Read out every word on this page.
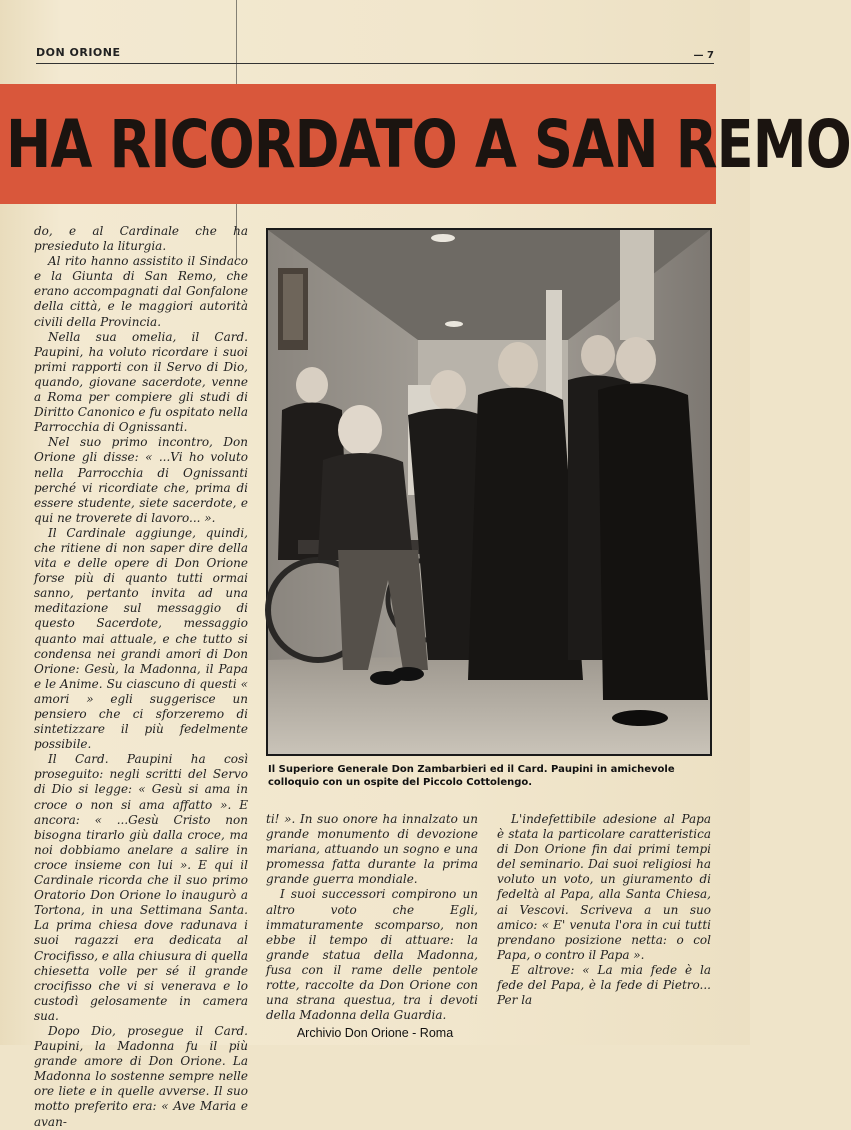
DON ORIONE	— 7
HA RICORDATO A SAN REMO

do, e al Cardinale che ha presieduto la liturgia.

Al rito hanno assistito il Sindaco e la Giunta di San Remo, che erano accompagnati dal Gonfalone della città, e le maggiori autorità civili della Provincia.

Nella sua omelia, il Card. Paupini, ha voluto ricordare i suoi primi rapporti con il Servo di Dio, quando, giovane sacerdote, venne a Roma per compiere gli studi di Diritto Canonico e fu ospitato nella Parrocchia di Ognissanti.

Nel suo primo incontro, Don Orione gli disse: « ...Vi ho voluto nella Parrocchia di Ognissanti perché vi ricordiate che, prima di essere studente, siete sacerdote, e qui ne troverete di lavoro... ».

Il Cardinale aggiunge, quindi, che ritiene di non saper dire della vita e delle opere di Don Orione forse più di quanto tutti ormai sanno, pertanto invita ad una meditazione sul messaggio di questo Sacerdote, messaggio quanto mai attuale, e che tutto si condensa nei grandi amori di Don Orione: Gesù, la Madonna, il Papa e le Anime. Su ciascuno di questi « amori » egli suggerisce un pensiero che ci sforzeremo di sintetizzare il più fedelmente possibile.

Il Card. Paupini ha così proseguito: negli scritti del Servo di Dio si legge: « Gesù si ama in croce o non si ama affatto ». E ancora: « ...Gesù Cristo non bisogna tirarlo giù dalla croce, ma noi dobbiamo anelare a salire in croce insieme con lui ». E qui il Cardinale ricorda che il suo primo Oratorio Don Orione lo inaugurò a Tortona, in una Settimana Santa. La prima chiesa dove radunava i suoi ragazzi era dedicata al Crocifisso, e alla chiusura di quella chiesetta volle per sé il grande crocifisso che vi si venerava e lo custodì gelosamente in camera sua.

Dopo Dio, prosegue il Card. Paupini, la Madonna fu il più grande amore di Don Orione. La Madonna lo sostenne sempre nelle ore liete e in quelle avverse. Il suo motto preferito era: « Ave Maria e avan-

Il Superiore Generale Don Zambarbieri ed il Card. Paupini in amichevole colloquio con un ospite del Piccolo Cottolengo.

ti! ». In suo onore ha innalzato un grande monumento di devozione mariana, attuando un sogno e una promessa fatta durante la prima grande guerra mondiale.

I suoi successori compirono un altro voto che Egli, immaturamente scomparso, non ebbe il tempo di attuare: la grande statua della Madonna, fusa con il rame delle pentole rotte, raccolte da Don Orione con una strana questua, tra i devoti della Madonna della Guardia.

L'indefettibile adesione al Papa è stata la particolare caratteristica di Don Orione fin dai primi tempi del seminario. Dai suoi religiosi ha voluto un voto, un giuramento di fedeltà al Papa, alla Santa Chiesa, ai Vescovi. Scriveva a un suo amico: « E' venuta l'ora in cui tutti prendano posizione netta: o col Papa, o contro il Papa ».

E altrove: « La mia fede è la fede del Papa, è la fede di Pietro... Per la

Archivio Don Orione - Roma
